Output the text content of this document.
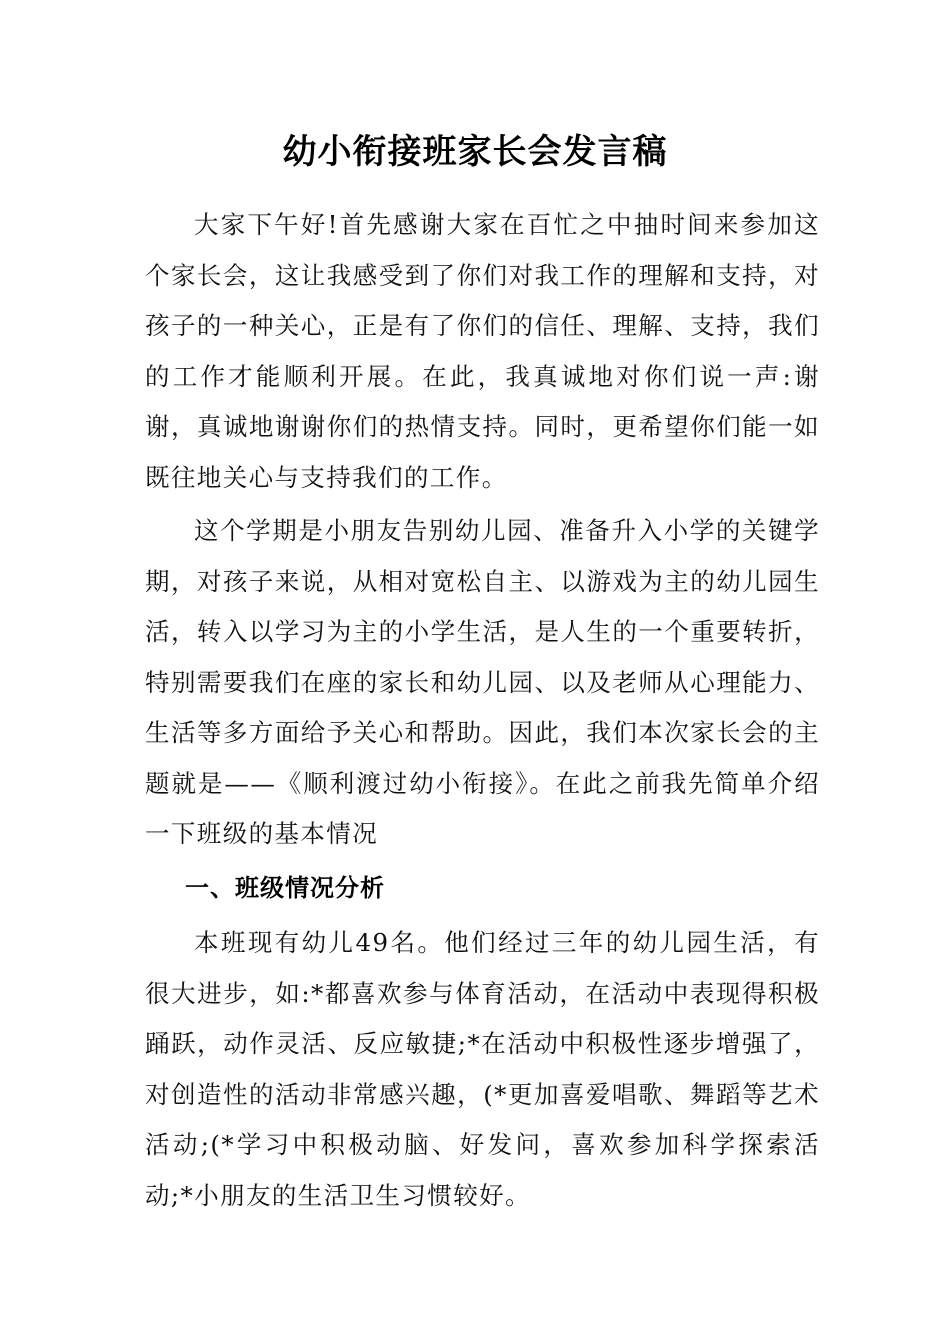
幼小衔接班家长会发言稿

大家下午好!首先感谢大家在百忙之中抽时间来参加这个家长会，这让我感受到了你们对我工作的理解和支持，对孩子的一种关心，正是有了你们的信任、理解、支持，我们的工作才能顺利开展。在此，我真诚地对你们说一声:谢谢，真诚地谢谢你们的热情支持。同时，更希望你们能一如既往地关心与支持我们的工作。

这个学期是小朋友告别幼儿园、准备升入小学的关键学期，对孩子来说，从相对宽松自主、以游戏为主的幼儿园生活，转入以学习为主的小学生活，是人生的一个重要转折，特别需要我们在座的家长和幼儿园、以及老师从心理能力、生活等多方面给予关心和帮助。因此，我们本次家长会的主题就是——《顺利渡过幼小衔接》。在此之前我先简单介绍一下班级的基本情况

一、班级情况分析

本班现有幼儿49名。他们经过三年的幼儿园生活，有很大进步，如:*都喜欢参与体育活动，在活动中表现得积极踊跃，动作灵活、反应敏捷;*在活动中积极性逐步增强了，对创造性的活动非常感兴趣，(*更加喜爱唱歌、舞蹈等艺术活动;(*学习中积极动脑、好发问，喜欢参加科学探索活动;*小朋友的生活卫生习惯较好。
